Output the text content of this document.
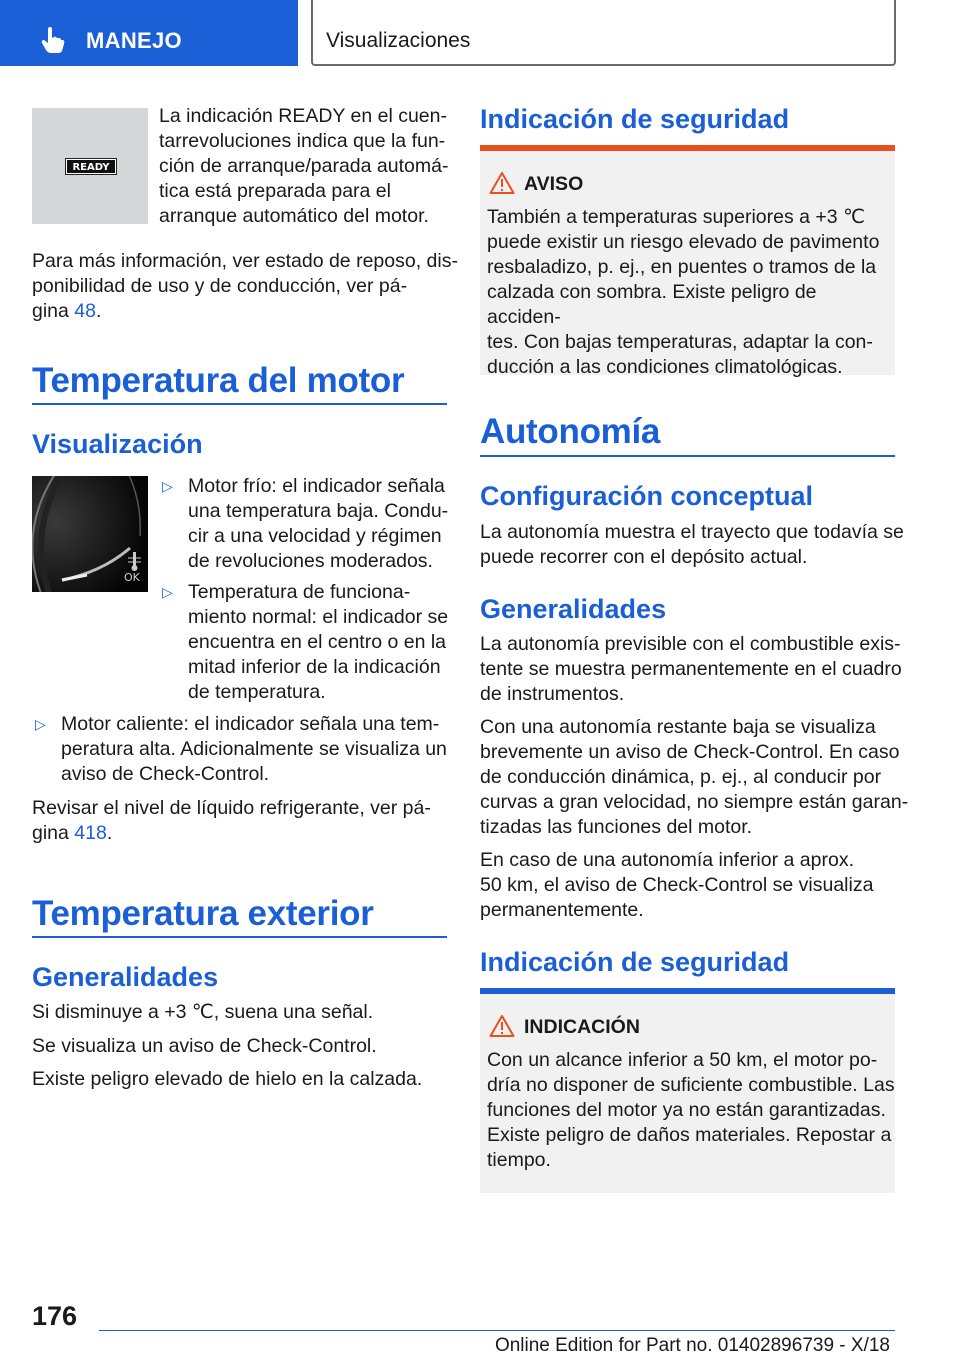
MANEJO	Visualizaciones
READY
La indicación READY en el cuen-
tarrevoluciones indica que la fun-
ción de arranque/parada automá-
tica está preparada para el
arranque automático del motor.
Para más información, ver estado de reposo, dis-
ponibilidad de uso y de conducción, ver pá-
gina 48.
Temperatura del motor
Visualización
OK
▷ Motor frío: el indicador señala
una temperatura baja. Condu-
cir a una velocidad y régimen
de revoluciones moderados.
▷ Temperatura de funciona-
miento normal: el indicador se
encuentra en el centro o en la
mitad inferior de la indicación
de temperatura.
▷ Motor caliente: el indicador señala una tem-
peratura alta. Adicionalmente se visualiza un
aviso de Check-Control.
Revisar el nivel de líquido refrigerante, ver pá-
gina 418.
Temperatura exterior
Generalidades
Si disminuye a +3 ℃, suena una señal.
Se visualiza un aviso de Check-Control.
Existe peligro elevado de hielo en la calzada.
Indicación de seguridad
AVISO
También a temperaturas superiores a +3 ℃
puede existir un riesgo elevado de pavimento
resbaladizo, p. ej., en puentes o tramos de la
calzada con sombra. Existe peligro de acciden-
tes. Con bajas temperaturas, adaptar la con-
ducción a las condiciones climatológicas.
Autonomía
Configuración conceptual
La autonomía muestra el trayecto que todavía se
puede recorrer con el depósito actual.
Generalidades
La autonomía previsible con el combustible exis-
tente se muestra permanentemente en el cuadro
de instrumentos.
Con una autonomía restante baja se visualiza
brevemente un aviso de Check-Control. En caso
de conducción dinámica, p. ej., al conducir por
curvas a gran velocidad, no siempre están garan-
tizadas las funciones del motor.
En caso de una autonomía inferior a aprox.
50 km, el aviso de Check-Control se visualiza
permanentemente.
Indicación de seguridad
INDICACIÓN
Con un alcance inferior a 50 km, el motor po-
dría no disponer de suficiente combustible. Las
funciones del motor ya no están garantizadas.
Existe peligro de daños materiales. Repostar a
tiempo.
176
Online Edition for Part no. 01402896739 - X/18
